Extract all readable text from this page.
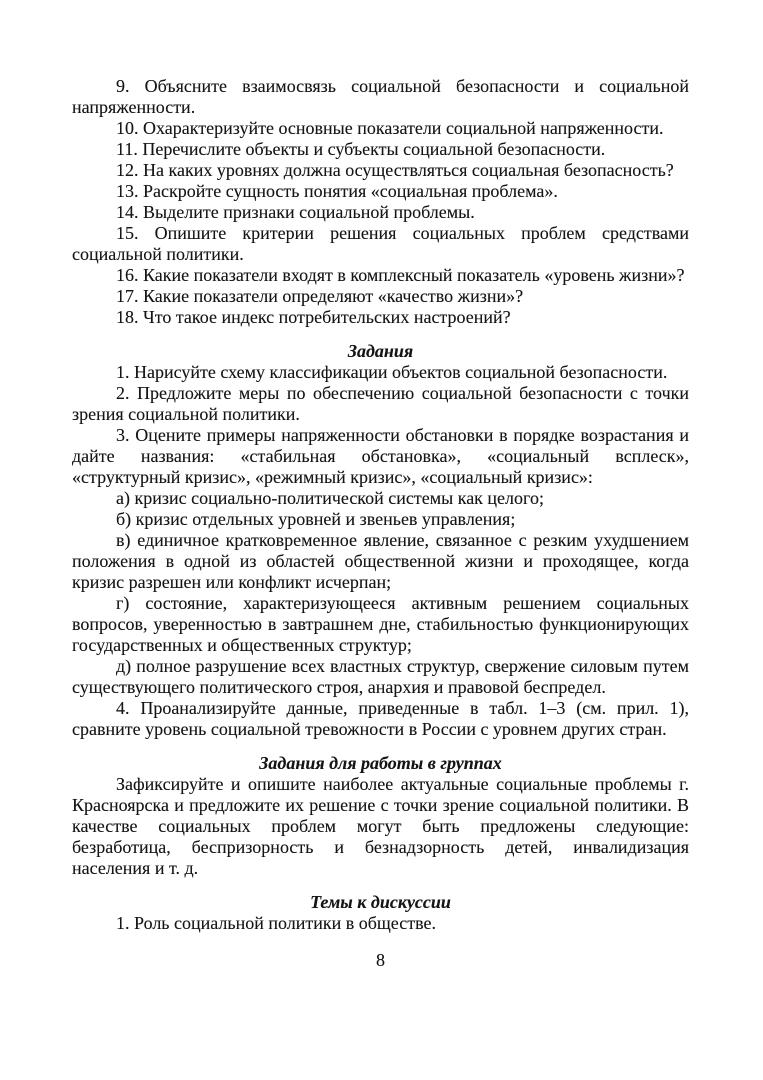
9. Объясните взаимосвязь социальной безопасности и социальной напряженности.

10. Охарактеризуйте основные показатели социальной напряженности.

11. Перечислите объекты и субъекты социальной безопасности.

12. На каких уровнях должна осуществляться социальная безопасность?

13. Раскройте сущность понятия «социальная проблема».

14. Выделите признаки социальной проблемы.

15. Опишите критерии решения социальных проблем средствами социальной политики.

16. Какие показатели входят в комплексный показатель «уровень жизни»?

17. Какие показатели определяют «качество жизни»?

18. Что такое индекс потребительских настроений?

Задания

1. Нарисуйте схему классификации объектов социальной безопасности.

2. Предложите меры по обеспечению социальной безопасности с точки зрения социальной политики.

3. Оцените примеры напряженности обстановки в порядке возрастания и дайте названия: «стабильная обстановка», «социальный всплеск», «структурный кризис», «режимный кризис», «социальный кризис»:

а) кризис социально-политической системы как целого;

б) кризис отдельных уровней и звеньев управления;

в) единичное кратковременное явление, связанное с резким ухудшением положения в одной из областей общественной жизни и проходящее, когда кризис разрешен или конфликт исчерпан;

г) состояние, характеризующееся активным решением социальных вопросов, уверенностью в завтрашнем дне, стабильностью функционирующих государственных и общественных структур;

д) полное разрушение всех властных структур, свержение силовым путем существующего политического строя, анархия и правовой беспредел.

4. Проанализируйте данные, приведенные в табл. 1–3 (см. прил. 1), сравните уровень социальной тревожности в России с уровнем других стран.

Задания для работы в группах

Зафиксируйте и опишите наиболее актуальные социальные проблемы г. Красноярска и предложите их решение с точки зрение социальной политики. В качестве социальных проблем могут быть предложены следующие: безработица, беспризорность и безнадзорность детей, инвалидизация населения и т. д.

Темы к дискуссии

1. Роль социальной политики в обществе.

8
